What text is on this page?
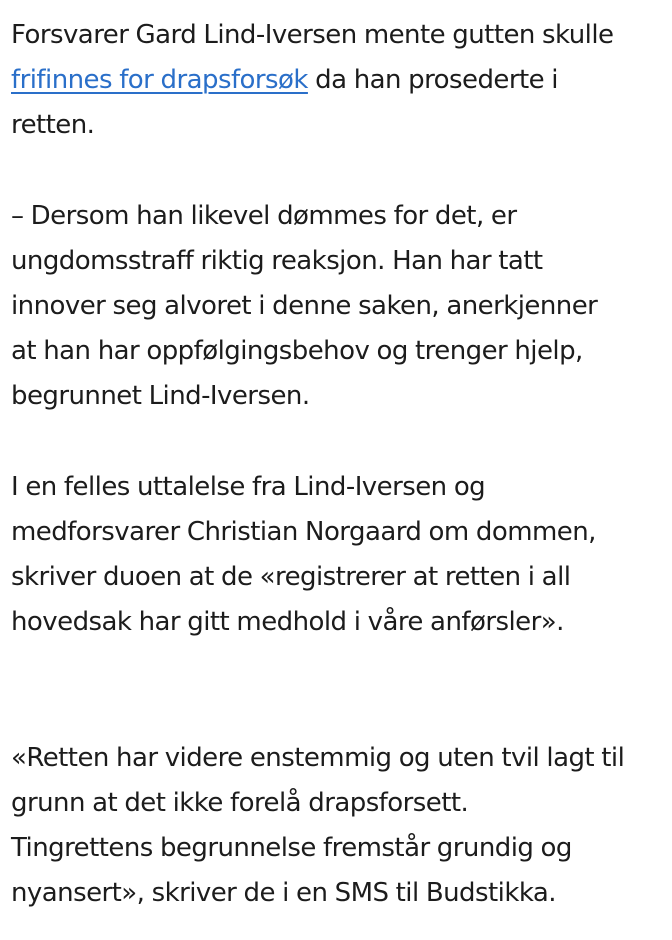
Forsvarer Gard Lind-Iversen mente gutten skulle
frifinnes for drapsforsøk da han prosederte i
retten.

– Dersom han likevel dømmes for det, er
ungdomsstraff riktig reaksjon. Han har tatt
innover seg alvoret i denne saken, anerkjenner
at han har oppfølgingsbehov og trenger hjelp,
begrunnet Lind-Iversen.

I en felles uttalelse fra Lind-Iversen og
medforsvarer Christian Norgaard om dommen,
skriver duoen at de «registrerer at retten i all
hovedsak har gitt medhold i våre anførsler».

«Retten har videre enstemmig og uten tvil lagt til
grunn at det ikke forelå drapsforsett.
Tingrettens begrunnelse fremstår grundig og
nyansert», skriver de i en SMS til Budstikka.
